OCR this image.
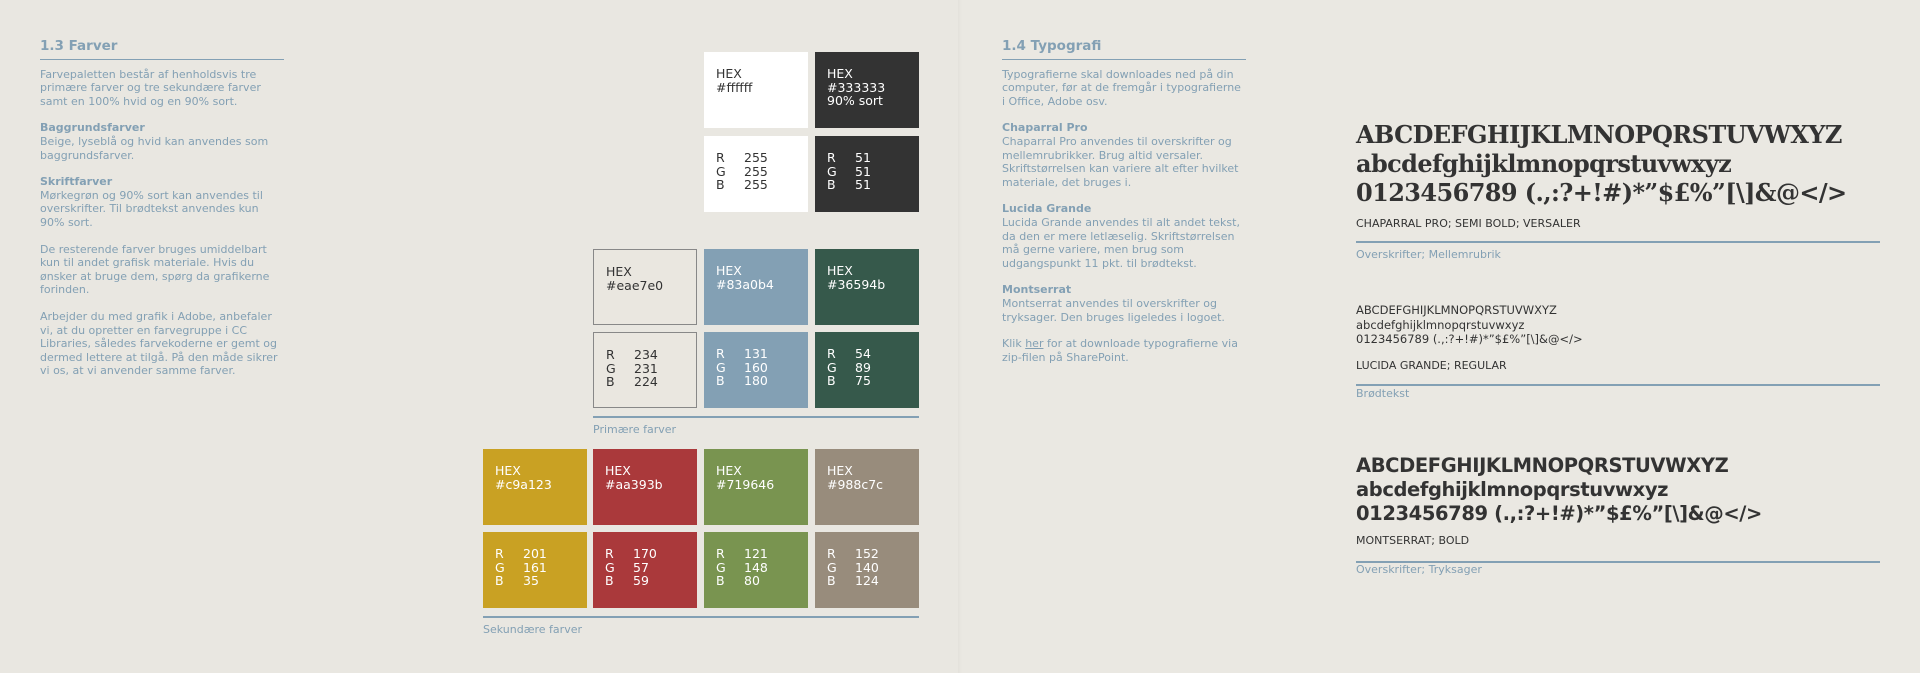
1.3 Farver
Farvepaletten består af henholdsvis tre primære farver og tre sekundære farver samt en 100% hvid og en 90% sort.
Baggrundsfarver
Beige, lyseblå og hvid kan anvendes som baggrundsfarver.
Skriftfarver
Mørkegrøn og 90% sort kan anvendes til overskrifter. Til brødtekst anvendes kun 90% sort.
De resterende farver bruges umiddelbart kun til andet grafisk materiale. Hvis du ønsker at bruge dem, spørg da grafikerne forinden.
Arbejder du med grafik i Adobe, anbefaler vi, at du opretter en farvegruppe i CC Libraries, således farvekoderne er gemt og dermed lettere at tilgå. På den måde sikrer vi os, at vi anvender samme farver.
HEX
#ffffff
R	255
G	255
B	255
HEX
#333333
90% sort
R	51
G	51
B	51
HEX
#eae7e0
R	234
G	231
B	224
HEX
#83a0b4
R	131
G	160
B	180
HEX
#36594b
R	54
G	89
B	75
Primære farver
HEX
#c9a123
R	201
G	161
B	35
HEX
#aa393b
R	170
G	57
B	59
HEX
#719646
R	121
G	148
B	80
HEX
#988c7c
R	152
G	140
B	124
Sekundære farver
1.4 Typografi
Typografierne skal downloades ned på din computer, før at de fremgår i typografierne i Office, Adobe osv.
Chaparral Pro
Chaparral Pro anvendes til overskrifter og mellemrubrikker. Brug altid versaler. Skriftstørrelsen kan variere alt efter hvilket materiale, det bruges i.
Lucida Grande
Lucida Grande anvendes til alt andet tekst, da den er mere letlæselig. Skriftstørrelsen må gerne variere, men brug som udgangspunkt 11 pkt. til brødtekst.
Montserrat
Montserrat anvendes til overskrifter og tryksager. Den bruges ligeledes i logoet.
Klik her for at downloade typografierne via zip-filen på SharePoint.
ABCDEFGHIJKLMNOPQRSTUVWXYZ
abcdefghijklmnopqrstuvwxyz
0123456789 (.,:?+!#)*”$£%”[\]&@</>
CHAPARRAL PRO; SEMI BOLD; VERSALER
Overskrifter; Mellemrubrik
ABCDEFGHIJKLMNOPQRSTUVWXYZ
abcdefghijklmnopqrstuvwxyz
0123456789 (.,:?+!#)*”$£%”[\]&@</>
LUCIDA GRANDE; REGULAR
Brødtekst
ABCDEFGHIJKLMNOPQRSTUVWXYZ
abcdefghijklmnopqrstuvwxyz
0123456789 (.,:?+!#)*”$£%”[\]&@</>
MONTSERRAT; BOLD
Overskrifter; Tryksager
